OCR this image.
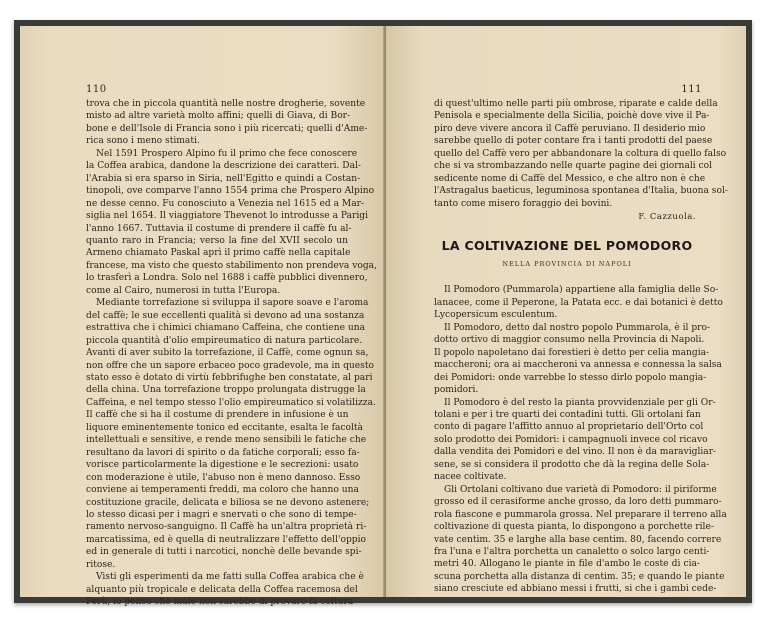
110
trova che in piccola quantità nelle nostre drogherie, sovente
misto ad altre varietà molto affini; quelli di Giava, di Bor-
bone e dell'Isole di Francia sono i più ricercati; quelli d'Ame-
rica sono i meno stimati.
Nel 1591 Prospero Alpino fu il primo che fece conoscere
la Coffea arabica, dandone la descrizione dei caratteri. Dal-
l'Arabia si era sparso in Siria, nell'Egitto e quindi a Costan-
tinopoli, ove comparve l'anno 1554 prima che Prospero Alpino
ne desse cenno. Fu conosciuto a Venezia nel 1615 ed a Mar-
siglia nel 1654. Il viaggiatore Thevenot lo introdusse a Parigi
l'anno 1667. Tuttavia il costume di prendere il caffè fu al-
quanto raro in Francia; verso la fine del XVII secolo un
Armeno chiamato Paskal aprì il primo caffè nella capitale
francese, ma visto che questo stabilimento non prendeva voga,
lo trasferì a Londra. Solo nel 1688 i caffè pubblici divennero,
come al Cairo, numerosi in tutta l'Europa.
Mediante torrefazione si sviluppa il sapore soave e l'aroma
del caffè; le sue eccellenti qualità si devono ad una sostanza
estrattiva che i chimici chiamano Caffeina, che contiene una
piccola quantità d'olio empireumatico di natura particolare.
Avanti di aver subito la torrefazione, il Caffè, come ognun sa,
non offre che un sapore erbaceo poco gradevole, ma in questo
stato esso è dotato di virtù febbrifughe ben constatate, al pari
della china. Una torrefazione troppo prolungata distrugge la
Caffeina, e nel tempo stesso l'olio empireumatico si volatilizza.
Il caffè che si ha il costume di prendere in infusione è un
liquore eminentemente tonico ed eccitante, esalta le facoltà
intellettuali e sensitive, e rende meno sensibili le fatiche che
resultano da lavori di spirito o da fatiche corporali; esso fa-
vorisce particolarmente la digestione e le secrezioni: usato
con moderazione è utile, l'abuso non è meno dannoso. Esso
conviene ai temperamenti freddi, ma coloro che hanno una
costituzione gracile, delicata e biliosa se ne devono astenere;
lo stesso dicasi per i magri e snervati o che sono di tempe-
ramento nervoso-sanguigno. Il Caffè ha un'altra proprietà ri-
marcatissima, ed è quella di neutralizzare l'effetto dell'oppio
ed in generale di tutti i narcotici, nonchè delle bevande spi-
ritose.
Visti gli esperimenti da me fatti sulla Coffea arabica che è
alquanto più tropicale e delicata della Coffea racemosa del
Perù, io penso che male non sarebbe di provare la coltura
111
di quest'ultimo nelle parti più ombrose, riparate e calde della
Penisola e specialmente della Sicilia, poichè dove vive il Pa-
piro deve vivere ancora il Caffè peruviano. Il desiderio mio
sarebbe quello di poter contare fra i tanti prodotti del paese
quello del Caffè vero per abbandonare la coltura di quello falso
che si va strombazzando nelle quarte pagine dei giornali col
sedicente nome di Caffè del Messico, e che altro non è che
l'Astragalus baeticus, leguminosa spontanea d'Italia, buona sol-
tanto come misero foraggio dei bovini.
F. Cazzuola.
LA COLTIVAZIONE DEL POMODORO
NELLA PROVINCIA DI NAPOLI
Il Pomodoro (Pummarola) appartiene alla famiglia delle So-
lanacee, come il Peperone, la Patata ecc. e dai botanici è detto
Lycopersicum esculentum.
Il Pomodoro, detto dal nostro popolo Pummarola, è il pro-
dotto ortivo di maggior consumo nella Provincia di Napoli.
Il popolo napoletano dai forestieri è detto per celia mangia-
maccheroni; ora ai maccheroni va annessa e connessa la salsa
dei Pomidori: onde varrebbe lo stesso dirlo popolo mangia-
pomidori.
Il Pomodoro è del resto la pianta provvidenziale per gli Or-
tolani e per i tre quarti dei contadini tutti. Gli ortolani fan
conto di pagare l'affitto annuo al proprietario dell'Orto col
solo prodotto dei Pomidori: i campagnuoli invece col ricavo
dalla vendita dei Pomidori e del vino. Il non è da maravigliar-
sene, se si considera il prodotto che dà la regina delle Sola-
nacee coltivate.
Gli Ortolani coltivano due varietà di Pomodoro: il piriforme
grosso ed il cerasiforme anche grosso, da loro detti pummaro-
rola fiascone e pummarola grossa. Nel preparare il terreno alla
coltivazione di questa pianta, lo dispongono a porchette rile-
vate centim. 35 e larghe alla base centim. 80, facendo correre
fra l'una e l'altra porchetta un canaletto o solco largo centi-
metri 40. Allogano le piante in file d'ambo le coste di cia-
scuna porchetta alla distanza di centim. 35; e quando le piante
siano cresciute ed abbiano messi i frutti, si che i gambi cede-
